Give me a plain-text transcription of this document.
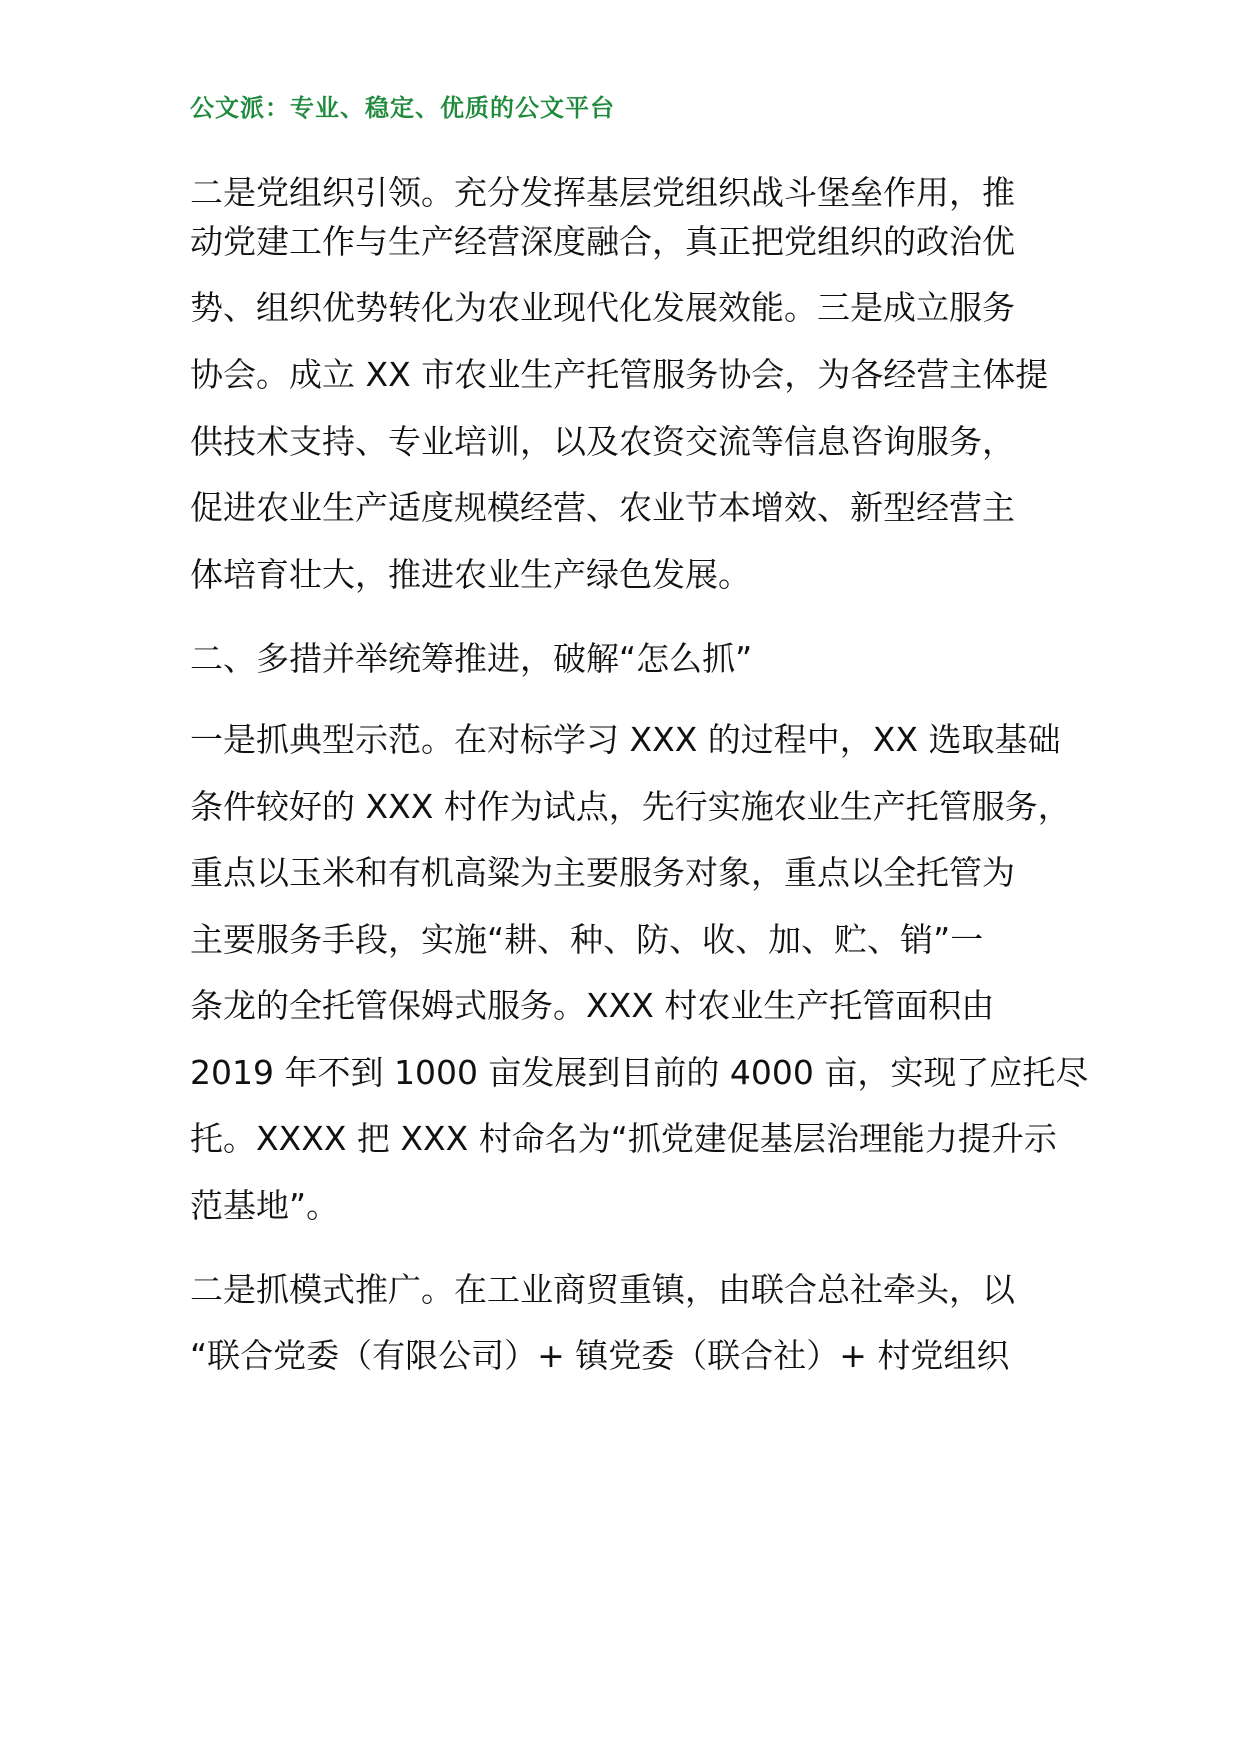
公文派：专业、稳定、优质的公文平台
二是党组织引领。充分发挥基层党组织战斗堡垒作用，推
动党建工作与生产经营深度融合，真正把党组织的政治优
势、组织优势转化为农业现代化发展效能。三是成立服务
协会。成立 XX 市农业生产托管服务协会，为各经营主体提
供技术支持、专业培训，以及农资交流等信息咨询服务，
促进农业生产适度规模经营、农业节本增效、新型经营主
体培育壮大，推进农业生产绿色发展。
二、多措并举统筹推进，破解“怎么抓”
一是抓典型示范。在对标学习 XXX 的过程中，XX 选取基础
条件较好的 XXX 村作为试点，先行实施农业生产托管服务，
重点以玉米和有机高粱为主要服务对象，重点以全托管为
主要服务手段，实施“耕、种、防、收、加、贮、销”一
条龙的全托管保姆式服务。XXX 村农业生产托管面积由
2019 年不到 1000 亩发展到目前的 4000 亩，实现了应托尽
托。XXXX 把 XXX 村命名为“抓党建促基层治理能力提升示
范基地”。
二是抓模式推广。在工业商贸重镇，由联合总社牵头，以
“联合党委（有限公司）+ 镇党委（联合社）+ 村党组织
